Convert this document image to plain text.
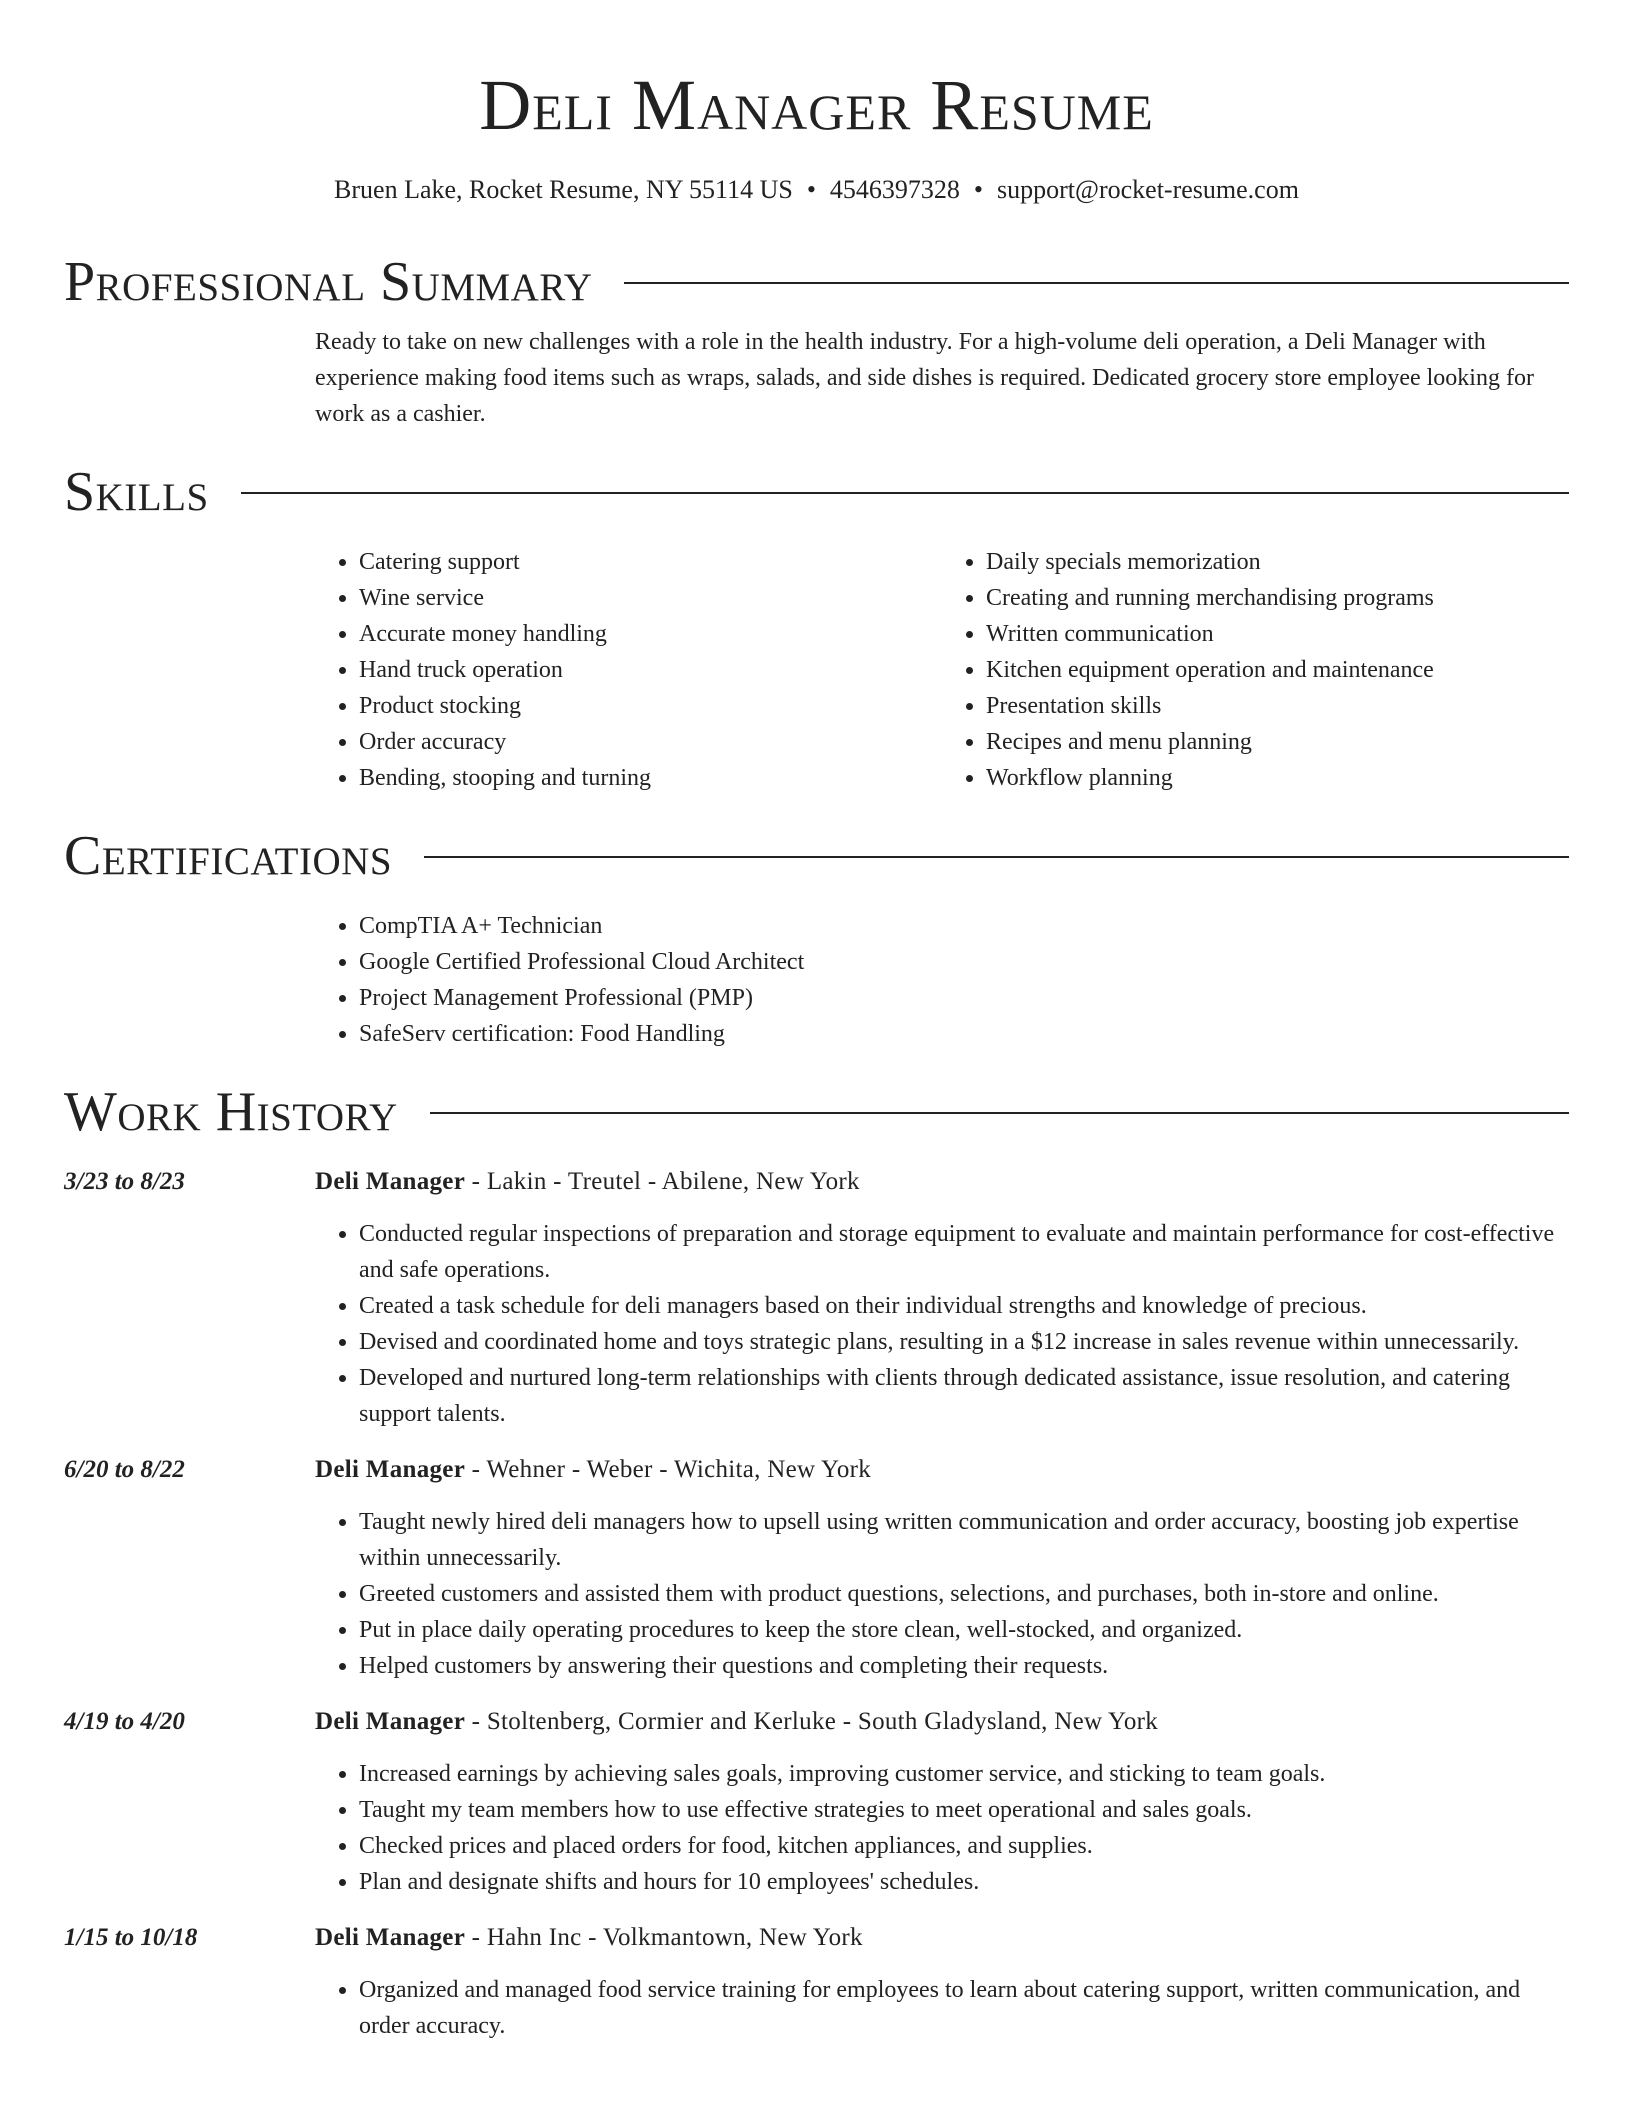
Deli Manager Resume
Bruen Lake, Rocket Resume, NY 55114 US • 4546397328 • support@rocket-resume.com
Professional Summary
Ready to take on new challenges with a role in the health industry. For a high-volume deli operation, a Deli Manager with experience making food items such as wraps, salads, and side dishes is required. Dedicated grocery store employee looking for work as a cashier.
Skills
• Catering support
• Wine service
• Accurate money handling
• Hand truck operation
• Product stocking
• Order accuracy
• Bending, stooping and turning
• Daily specials memorization
• Creating and running merchandising programs
• Written communication
• Kitchen equipment operation and maintenance
• Presentation skills
• Recipes and menu planning
• Workflow planning
Certifications
• CompTIA A+ Technician
• Google Certified Professional Cloud Architect
• Project Management Professional (PMP)
• SafeServ certification: Food Handling
Work History
3/23 to 8/23	Deli Manager - Lakin - Treutel - Abilene, New York
• Conducted regular inspections of preparation and storage equipment to evaluate and maintain performance for cost-effective and safe operations.
• Created a task schedule for deli managers based on their individual strengths and knowledge of precious.
• Devised and coordinated home and toys strategic plans, resulting in a $12 increase in sales revenue within unnecessarily.
• Developed and nurtured long-term relationships with clients through dedicated assistance, issue resolution, and catering support talents.
6/20 to 8/22	Deli Manager - Wehner - Weber - Wichita, New York
• Taught newly hired deli managers how to upsell using written communication and order accuracy, boosting job expertise within unnecessarily.
• Greeted customers and assisted them with product questions, selections, and purchases, both in-store and online.
• Put in place daily operating procedures to keep the store clean, well-stocked, and organized.
• Helped customers by answering their questions and completing their requests.
4/19 to 4/20	Deli Manager - Stoltenberg, Cormier and Kerluke - South Gladysland, New York
• Increased earnings by achieving sales goals, improving customer service, and sticking to team goals.
• Taught my team members how to use effective strategies to meet operational and sales goals.
• Checked prices and placed orders for food, kitchen appliances, and supplies.
• Plan and designate shifts and hours for 10 employees' schedules.
1/15 to 10/18	Deli Manager - Hahn Inc - Volkmantown, New York
• Organized and managed food service training for employees to learn about catering support, written communication, and order accuracy.
